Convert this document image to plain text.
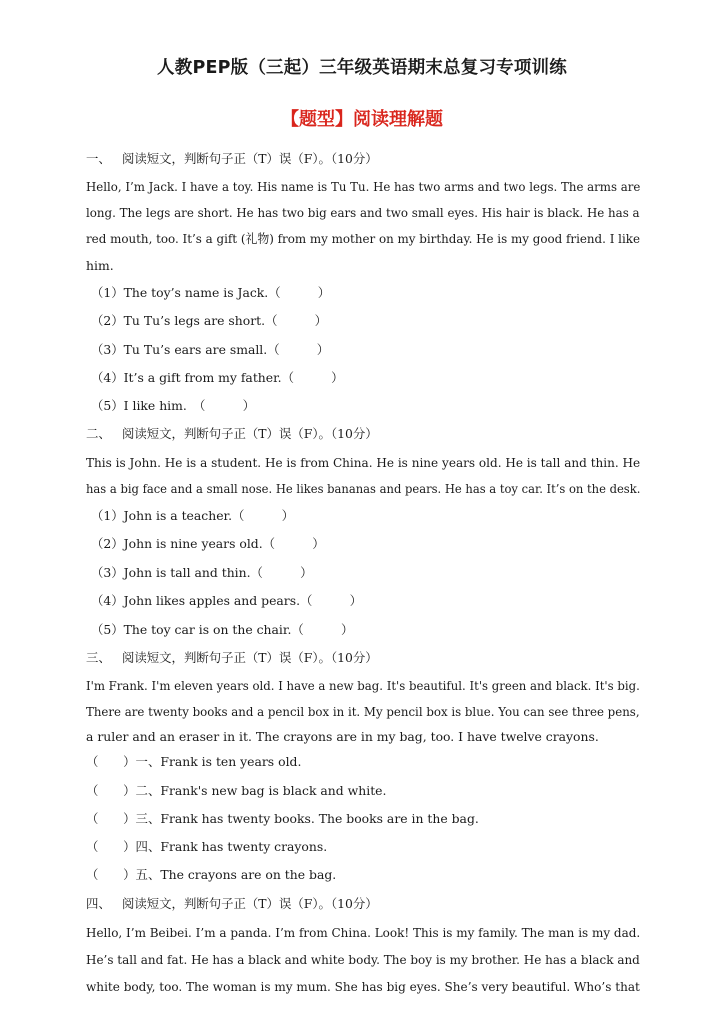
人教PEP版（三起）三年级英语期末总复习专项训练
【题型】阅读理解题
一、 阅读短文，判断句子正（T）误（F）。（10分）
Hello, I’m Jack. I have a toy. His name is Tu Tu. He has two arms and two legs. The arms are
long. The legs are short. He has two big ears and two small eyes. His hair is black. He has a
red mouth, too. It’s a gift (礼物) from my mother on my birthday. He is my good friend. I like
him.
（1）The toy’s name is Jack.（　　　）
（2）Tu Tu’s legs are short.（　　　）
（3）Tu Tu’s ears are small.（　　　）
（4）It’s a gift from my father.（　　　）
（5）I like him.　（　　　）
二、 阅读短文，判断句子正（T）误（F）。（10分）
This is John. He is a student. He is from China. He is nine years old. He is tall and thin. He
has a big face and a small nose. He likes bananas and pears. He has a toy car. It’s on the desk.
（1）John is a teacher.（　　　）
（2）John is nine years old.（　　　）
（3）John is tall and thin.（　　　）
（4）John likes apples and pears.（　　　）
（5）The toy car is on the chair.（　　　）
三、 阅读短文，判断句子正（T）误（F）。（10分）
I'm Frank. I'm eleven years old. I have a new bag. It's beautiful. It's green and black. It's big.
There are twenty books and a pencil box in it. My pencil box is blue. You can see three pens,
a ruler and an eraser in it. The crayons are in my bag, too. I have twelve crayons.
（　　）一、Frank is ten years old.
（　　）二、Frank's new bag is black and white.
（　　）三、Frank has twenty books. The books are in the bag.
（　　）四、Frank has twenty crayons.
（　　）五、The crayons are on the bag.
四、 阅读短文，判断句子正（T）误（F）。（10分）
Hello, I’m Beibei. I’m a panda. I’m from China. Look! This is my family. The man is my dad.
He’s tall and fat. He has a black and white body. The boy is my brother. He has a black and
white body, too. The woman is my mum. She has big eyes. She’s very beautiful. Who’s that
